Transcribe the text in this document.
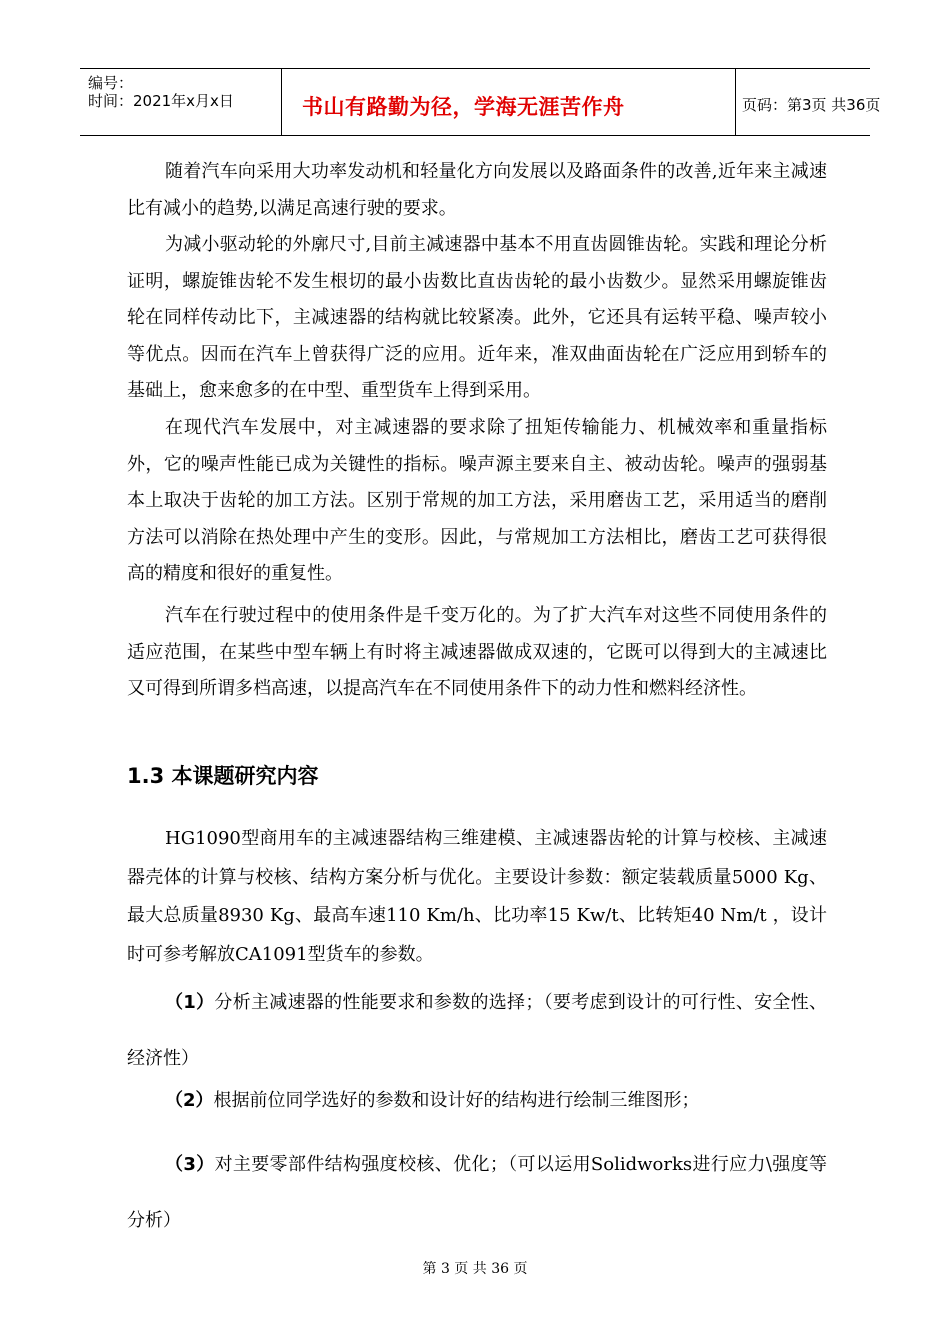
编号：
时间：2021年x月x日	书山有路勤为径，学海无涯苦作舟	页码：第3页 共36页

随着汽车向采用大功率发动机和轻量化方向发展以及路面条件的改善,近年来主减速比有减小的趋势,以满足高速行驶的要求。

为减小驱动轮的外廓尺寸,目前主减速器中基本不用直齿圆锥齿轮。实践和理论分析证明，螺旋锥齿轮不发生根切的最小齿数比直齿齿轮的最小齿数少。显然采用螺旋锥齿轮在同样传动比下，主减速器的结构就比较紧凑。此外，它还具有运转平稳、噪声较小等优点。因而在汽车上曾获得广泛的应用。近年来，准双曲面齿轮在广泛应用到轿车的基础上，愈来愈多的在中型、重型货车上得到采用。

在现代汽车发展中，对主减速器的要求除了扭矩传输能力、机械效率和重量指标外，它的噪声性能已成为关键性的指标。噪声源主要来自主、被动齿轮。噪声的强弱基本上取决于齿轮的加工方法。区别于常规的加工方法，采用磨齿工艺，采用适当的磨削方法可以消除在热处理中产生的变形。因此，与常规加工方法相比，磨齿工艺可获得很高的精度和很好的重复性。

汽车在行驶过程中的使用条件是千变万化的。为了扩大汽车对这些不同使用条件的适应范围，在某些中型车辆上有时将主减速器做成双速的，它既可以得到大的主减速比又可得到所谓多档高速，以提高汽车在不同使用条件下的动力性和燃料经济性。

1.3 本课题研究内容

HG1090型商用车的主减速器结构三维建模、主减速器齿轮的计算与校核、主减速器壳体的计算与校核、结构方案分析与优化。主要设计参数：额定装载质量5000 Kg、最大总质量8930 Kg、最高车速110 Km/h、比功率15 Kw/t、比转矩40 Nm/t ，设计时可参考解放CA1091型货车的参数。

（1）分析主减速器的性能要求和参数的选择；（要考虑到设计的可行性、安全性、经济性）

（2）根据前位同学选好的参数和设计好的结构进行绘制三维图形；

（3）对主要零部件结构强度校核、优化；（可以运用Solidworks进行应力\强度等分析）

第 3 页 共 36 页
